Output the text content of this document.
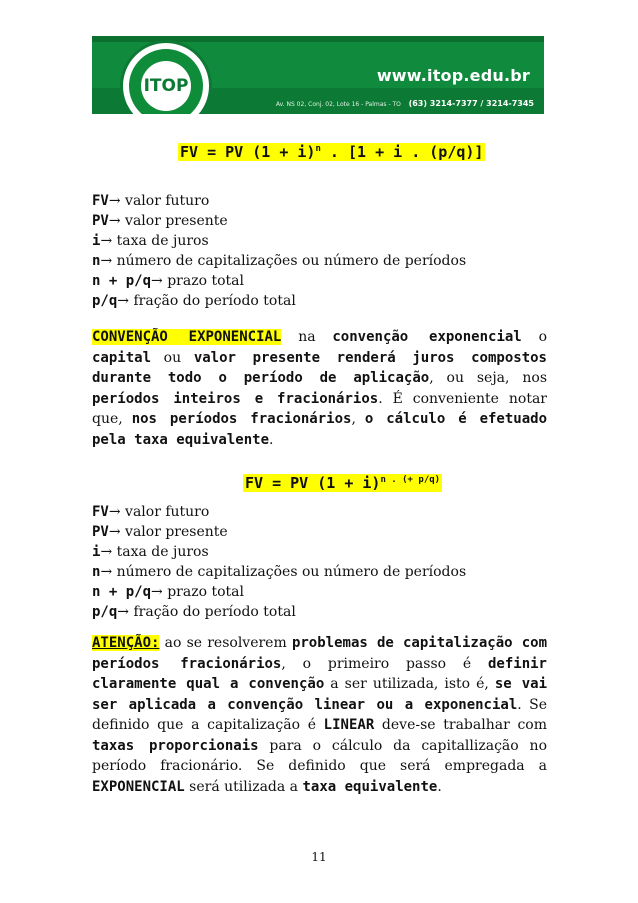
ITOP
www.itop.edu.br
Av. NS 02, Conj. 02, Lote 16 - Palmas - TO (63) 3214-7377 / 3214-7345
FV = PV $(1 + i)^n$ . [1 + i . (p/q)]
FV→ valor futuro
PV→ valor presente
i→ taxa de juros
n→ número de capitalizações ou número de períodos
n + p/q→ prazo total
p/q→ fração do período total
CONVENÇÃO EXPONENCIAL na convenção exponencial o capital ou valor presente renderá juros compostos durante todo o período de aplicação, ou seja, nos períodos inteiros e fracionários. É conveniente notar que, nos períodos fracionários, o cálculo é efetuado pela taxa equivalente.
FV = PV $(1 + i)^{n . (+ p/q)}$
FV→ valor futuro
PV→ valor presente
i→ taxa de juros
n→ número de capitalizações ou número de períodos
n + p/q→ prazo total
p/q→ fração do período total
ATENÇÃO: ao se resolverem problemas de capitalização com períodos fracionários, o primeiro passo é definir claramente qual a convenção a ser utilizada, isto é, se vai ser aplicada a convenção linear ou a exponencial. Se definido que a capitalização é LINEAR deve-se trabalhar com taxas proporcionais para o cálculo da capitallização no período fracionário. Se definido que será empregada a EXPONENCIAL será utilizada a taxa equivalente.
11
